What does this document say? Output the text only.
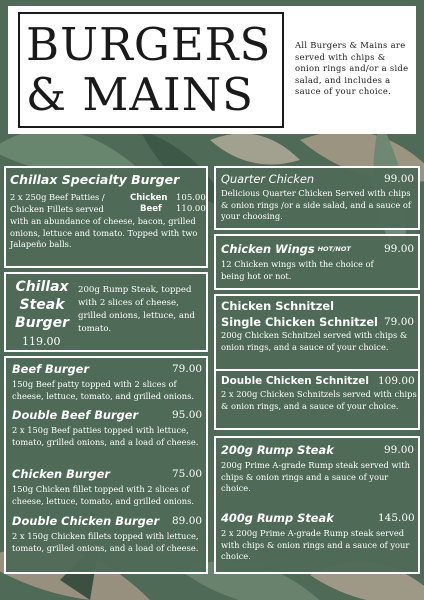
BURGERS
& MAINS
All Burgers & Mains are served with chips & onion rings and/or a side salad, and includes a sauce of your choice.
Chillax Specialty Burger
2 x 250g Beef Patties /
Chicken Fillets served
with an abundance of cheese, bacon, grilled onions, lettuce and tomato. Topped with two Jalapeño balls.
Chicken 105.00
Beef 110.00
Chillax
Steak
Burger
119.00
200g Rump Steak, topped with 2 slices of cheese, grilled onions, lettuce, and tomato.
Beef Burger	79.00
150g Beef patty topped with 2 slices of cheese, lettuce, tomato, and grilled onions.
Double Beef Burger	95.00
2 x 150g Beef patties topped with lettuce, tomato, grilled onions, and a load of cheese.
Chicken Burger	75.00
150g Chicken fillet topped with 2 slices of cheese, lettuce, tomato, and grilled onions.
Double Chicken Burger 89.00
2 x 150g Chicken fillets topped with lettuce, tomato, grilled onions, and a load of cheese.
Quarter Chicken	99.00
Delicious Quarter Chicken Served with chips & onion rings /or a side salad, and a sauce of your choosing.
Chicken Wings HOT/NOT	99.00
12 Chicken wings with the choice of being hot or not.
Chicken Schnitzel
Single Chicken Schnitzel 79.00
200g Chicken Schnitzel served with chips & onion rings, and a sauce of your choice.
Double Chicken Schnitzel 109.00
2 x 200g Chicken Schnitzels served with chips & onion rings, and a sauce of your choice.
200g Rump Steak	99.00
200g Prime A-grade Rump steak served with chips & onion rings and a sauce of your choice.
400g Rump Steak	145.00
2 x 200g Prime A-grade Rump steak served with chips & onion rings and a sauce of your choice.
